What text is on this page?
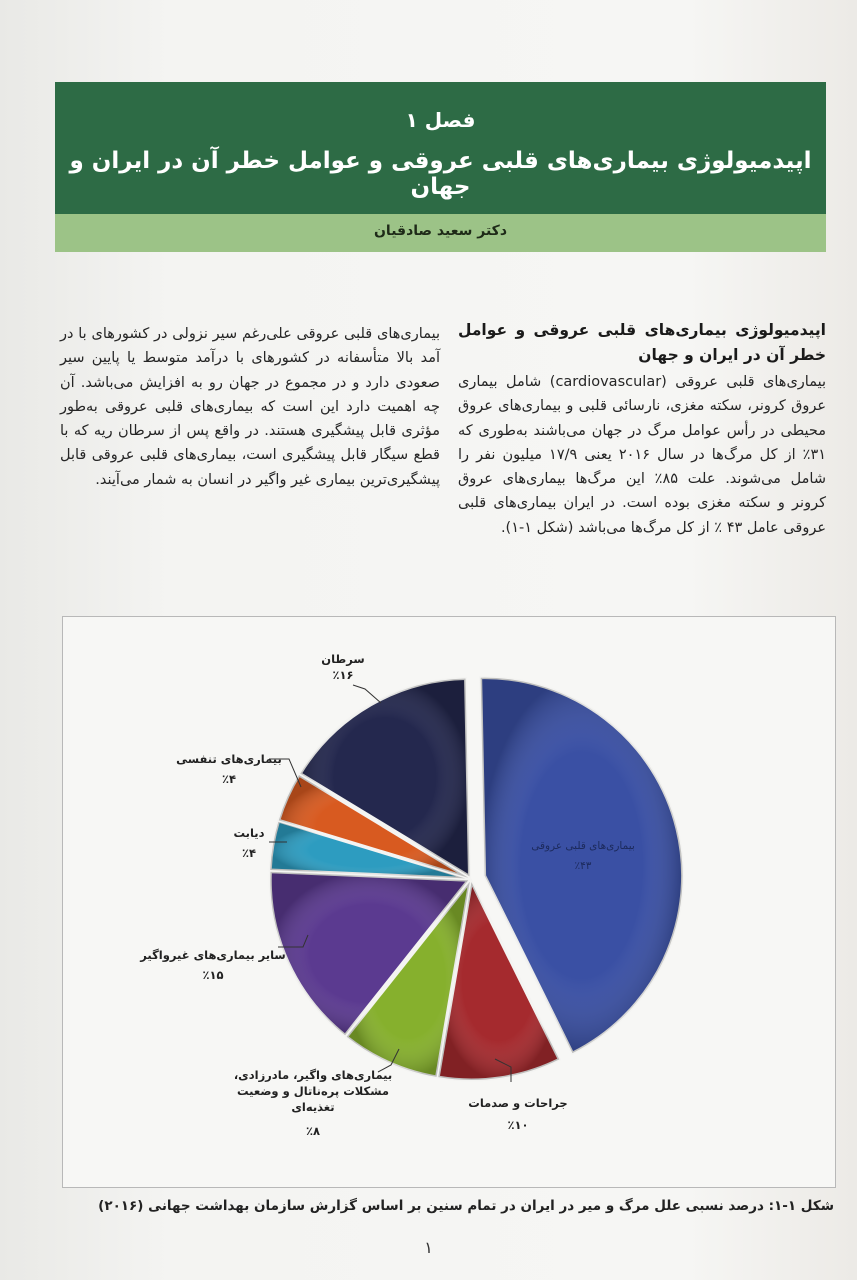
فصل ۱
اپیدمیولوژی بیماری‌های قلبی عروقی و عوامل خطر آن در ایران و جهان
دکتر سعید صادقیان

اپیدمیولوژی بیماری‌های قلبی عروقی و عوامل خطر آن در ایران و جهان

بیماری‌های قلبی عروقی (cardiovascular) شامل بیماری عروق کرونر، سکته مغزی، نارسائی قلبی و بیماری‌های عروق محیطی در رأس عوامل مرگ در جهان می‌باشند به‌طوری که ۳۱٪ از کل مرگ‌ها در سال ۲۰۱۶ یعنی ۱۷/۹ میلیون نفر را شامل می‌شوند. علت ۸۵٪ این مرگ‌ها بیماری‌های عروق کرونر و سکته مغزی بوده است. در ایران بیماری‌های قلبی عروقی عامل ۴۳ ٪ از کل مرگ‌ها می‌باشد (شکل ۱-۱).

بیماری‌های قلبی عروقی علی‌رغم سیر نزولی در کشورهای با در آمد بالا متأسفانه در کشورهای با درآمد متوسط یا پایین سیر صعودی دارد و در مجموع در جهان رو به افزایش می‌باشد. آن چه اهمیت دارد این است که بیماری‌های قلبی عروقی به‌طور مؤثری قابل پیشگیری هستند. در واقع پس از سرطان ریه که با قطع سیگار قابل پیشگیری است، بیماری‌های قلبی عروقی قابل پیشگیری‌ترین بیماری غیر واگیر در انسان به شمار می‌آیند.

سرطان
٪۱۶
بیماری‌های تنفسی
٪۴
دیابت
٪۴
سایر بیماری‌های غیرواگیر
٪۱۵
بیماری‌های واگیر، مادرزادی،
مشکلات پره‌ناتال و وضعیت
تغذیه‌ای
٪۸
جراحات و صدمات
٪۱۰
بیماری‌های قلبی عروقی
٪۴۳
شکل ۱-۱: درصد نسبی علل مرگ و میر در ایران در تمام سنین بر اساس گزارش سازمان بهداشت جهانی (۲۰۱۶)
۱
